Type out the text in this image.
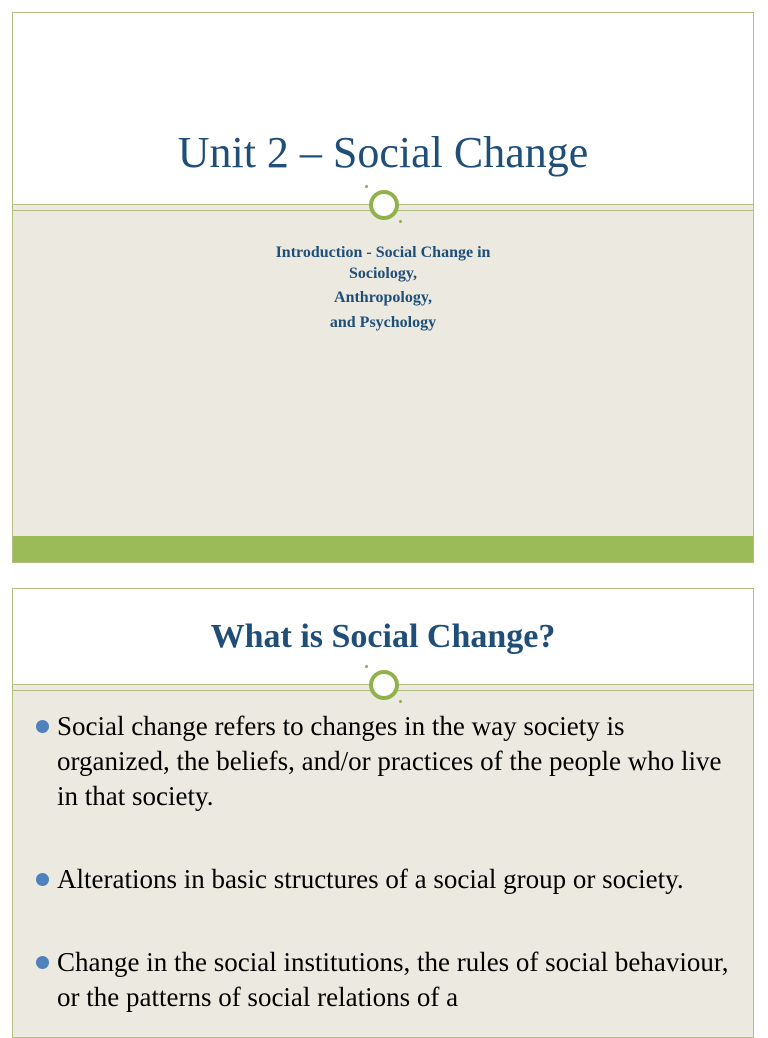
Unit 2 – Social Change
Introduction - Social Change in
Sociology,
Anthropology,
and Psychology
What is Social Change?
Social change refers to changes in the way society is organized, the beliefs, and/or practices of the people who live in that society.
Alterations in basic structures of a social group or society.
Change in the social institutions, the rules of social behaviour, or the patterns of social relations of a
